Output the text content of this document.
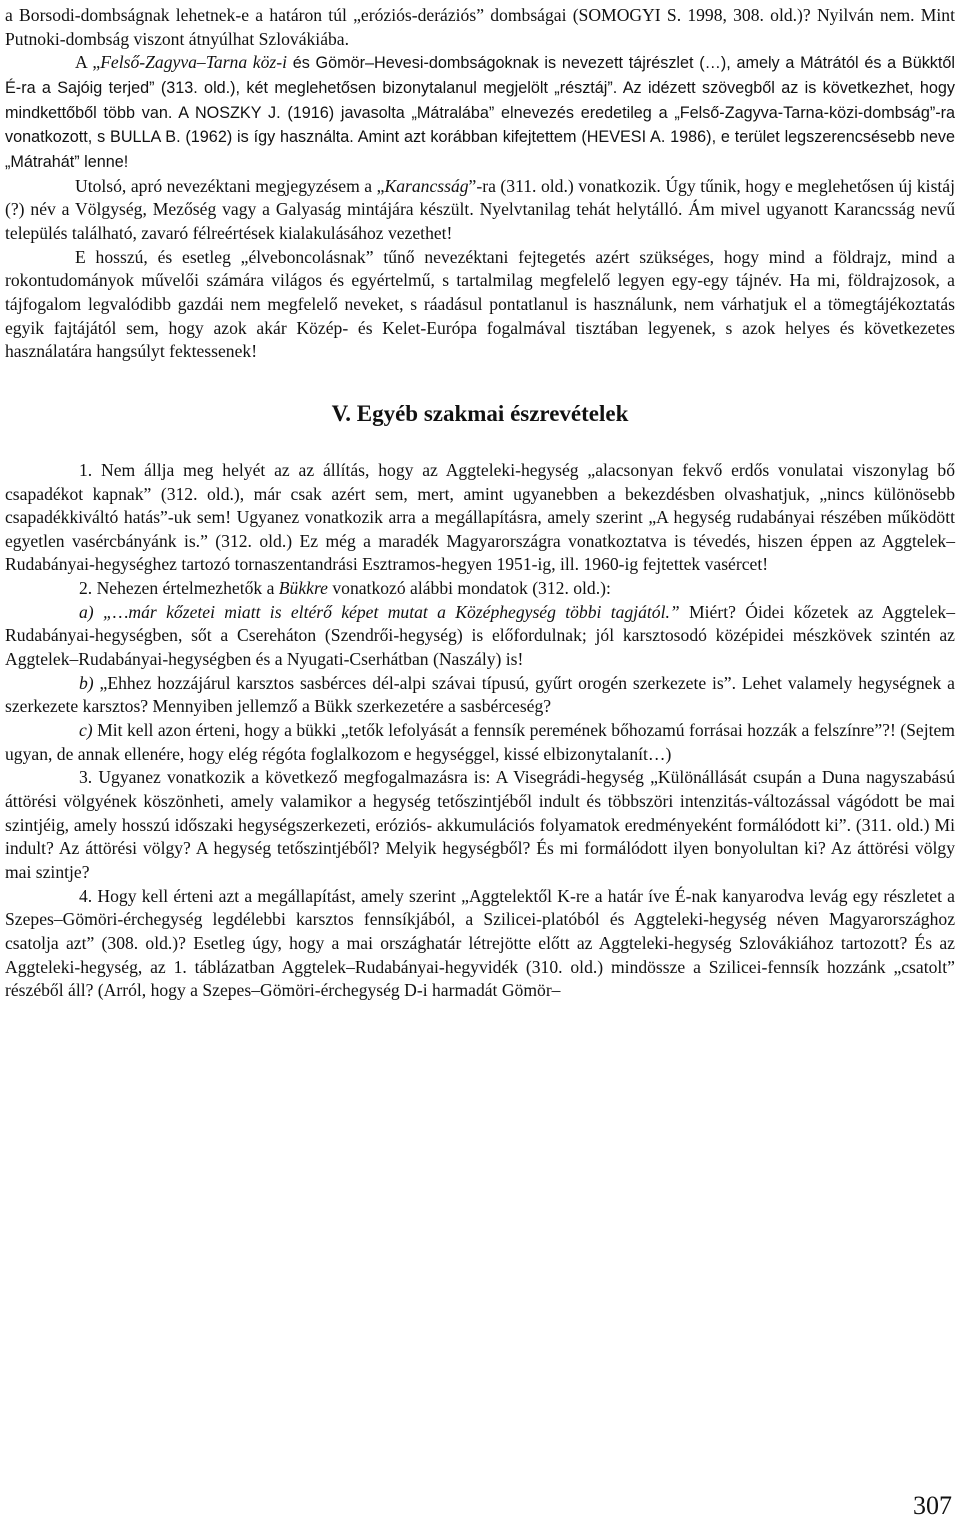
a Borsodi-dombságnak lehetnek-e a határon túl „eróziós-deráziós” dombságai (SOMOGYI S. 1998, 308. old.)? Nyilván nem. Mint Putnoki-dombság viszont átnyúlhat Szlovákiába.

A „Felső-Zagyva–Tarna köz-i és Gömör–Hevesi-dombságoknak is nevezett tájrészlet (…), amely a Mátrától és a Bükktől É-ra a Sajóig terjed” (313. old.), két meglehetősen bizonytalanul megjelölt „résztáj”. Az idézett szövegből az is következhet, hogy mindkettőből több van. A NOSZKY J. (1916) javasolta „Mátralába” elnevezés eredetileg a „Felső-Zagyva-Tarna-közi-dombság”-ra vonatkozott, s BULLA B. (1962) is így használta. Amint azt korábban kifejtettem (HEVESI A. 1986), e terület legszerencsésebb neve „Mátrahát” lenne!

Utolsó, apró nevezéktani megjegyzésem a „Karancsság”-ra (311. old.) vonatkozik. Úgy tűnik, hogy e meglehetősen új kistáj (?) név a Völgység, Mezőség vagy a Galyaság mintájára készült. Nyelvtanilag tehát helytálló. Ám mivel ugyanott Karancsság nevű település található, zavaró félreértések kialakulásához vezethet!

E hosszú, és esetleg „élveboncolásnak” tűnő nevezéktani fejtegetés azért szükséges, hogy mind a földrajz, mind a rokontudományok művelői számára világos és egyértelmű, s tartalmilag megfelelő legyen egy-egy tájnév. Ha mi, földrajzosok, a tájfogalom legvalódibb gazdái nem megfelelő neveket, s ráadásul pontatlanul is használunk, nem várhatjuk el a tömegtájékoztatás egyik fajtájától sem, hogy azok akár Közép- és Kelet-Európa fogalmával tisztában legyenek, s azok helyes és következetes használatára hangsúlyt fektessenek!

V. Egyéb szakmai észrevételek

1. Nem állja meg helyét az az állítás, hogy az Aggteleki-hegység „alacsonyan fekvő erdős vonulatai viszonylag bő csapadékot kapnak” (312. old.), már csak azért sem, mert, amint ugyanebben a bekezdésben olvashatjuk, „nincs különösebb csapadékkiváltó hatás”-uk sem! Ugyanez vonatkozik arra a megállapításra, amely szerint „A hegység rudabányai részében működött egyetlen vasércbányánk is.” (312. old.) Ez még a maradék Magyarországra vonatkoztatva is tévedés, hiszen éppen az Aggtelek–Rudabányai-hegységhez tartozó tornaszentandrási Esztramos-hegyen 1951-ig, ill. 1960-ig fejtettek vasércet!

2. Nehezen értelmezhetők a Bükkre vonatkozó alábbi mondatok (312. old.):

a) „…már kőzetei miatt is eltérő képet mutat a Középhegység többi tagjától.” Miért? Óidei kőzetek az Aggtelek–Rudabányai-hegységben, sőt a Csereháton (Szendrői-hegység) is előfordulnak; jól karsztosodó középidei mészkövek szintén az Aggtelek–Rudabányai-hegységben és a Nyugati-Cserhátban (Naszály) is!

b) „Ehhez hozzájárul karsztos sasbérces dél-alpi szávai típusú, gyűrt orogén szerkezete is”. Lehet valamely hegységnek a szerkezete karsztos? Mennyiben jellemző a Bükk szerkezetére a sasbérceség?

c) Mit kell azon érteni, hogy a bükki „tetők lefolyását a fennsík peremének bőhozamú forrásai hozzák a felszínre”?! (Sejtem ugyan, de annak ellenére, hogy elég régóta foglalkozom e hegységgel, kissé elbizonytalanít…)

3. Ugyanez vonatkozik a következő megfogalmazásra is: A Visegrádi-hegység „Különállását csupán a Duna nagyszabású áttörési völgyének köszönheti, amely valamikor a hegység tetőszintjéből indult és többszöri intenzitás-változással vágódott be mai szintjéig, amely hosszú időszaki hegységszerkezeti, eróziós- akkumulációs folyamatok eredményeként formálódott ki”. (311. old.) Mi indult? Az áttörési völgy? A hegység tetőszintjéből? Melyik hegységből? És mi formálódott ilyen bonyolultan ki? Az áttörési völgy mai szintje?

4. Hogy kell érteni azt a megállapítást, amely szerint „Aggtelektől K-re a határ íve É-nak kanyarodva levág egy részletet a Szepes–Gömöri-érchegység legdélebbi karsztos fennsíkjából, a Szilicei-platóból és Aggteleki-hegység néven Magyarországhoz csatolja azt” (308. old.)? Esetleg úgy, hogy a mai országhatár létrejötte előtt az Aggteleki-hegység Szlovákiához tartozott? És az Aggteleki-hegység, az 1. táblázatban Aggtelek–Rudabányai-hegyvidék (310. old.) mindössze a Szilicei-fennsík hozzánk „csatolt” részéből áll? (Arról, hogy a Szepes–Gömöri-érchegység D-i harmadát Gömör–

307
